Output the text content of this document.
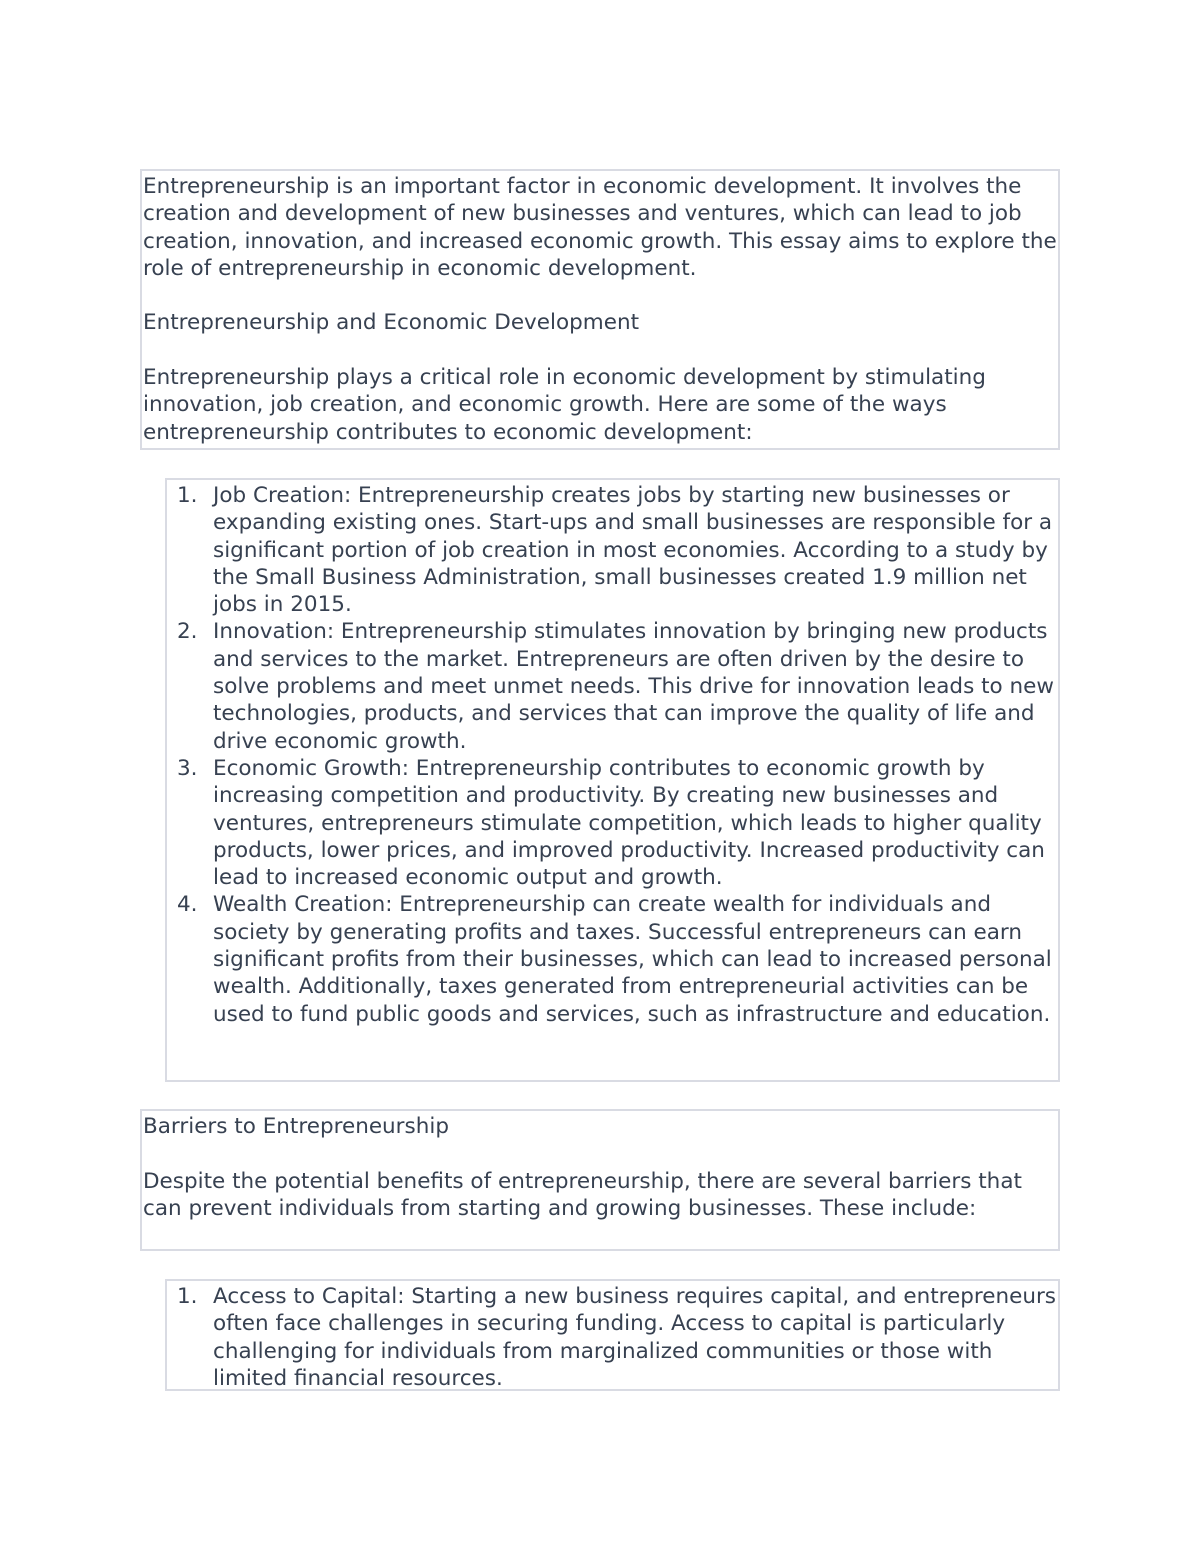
Entrepreneurship is an important factor in economic development. It involves the creation and development of new businesses and ventures, which can lead to job creation, innovation, and increased economic growth. This essay aims to explore the role of entrepreneurship in economic development.

Entrepreneurship and Economic Development

Entrepreneurship plays a critical role in economic development by stimulating innovation, job creation, and economic growth. Here are some of the ways entrepreneurship contributes to economic development:

1. Job Creation: Entrepreneurship creates jobs by starting new businesses or expanding existing ones. Start-ups and small businesses are responsible for a significant portion of job creation in most economies. According to a study by the Small Business Administration, small businesses created 1.9 million net jobs in 2015.
2. Innovation: Entrepreneurship stimulates innovation by bringing new products and services to the market. Entrepreneurs are often driven by the desire to solve problems and meet unmet needs. This drive for innovation leads to new technologies, products, and services that can improve the quality of life and drive economic growth.
3. Economic Growth: Entrepreneurship contributes to economic growth by increasing competition and productivity. By creating new businesses and ventures, entrepreneurs stimulate competition, which leads to higher quality products, lower prices, and improved productivity. Increased productivity can lead to increased economic output and growth.
4. Wealth Creation: Entrepreneurship can create wealth for individuals and society by generating profits and taxes. Successful entrepreneurs can earn significant profits from their businesses, which can lead to increased personal wealth. Additionally, taxes generated from entrepreneurial activities can be used to fund public goods and services, such as infrastructure and education.

Barriers to Entrepreneurship

Despite the potential benefits of entrepreneurship, there are several barriers that can prevent individuals from starting and growing businesses. These include:

1. Access to Capital: Starting a new business requires capital, and entrepreneurs often face challenges in securing funding. Access to capital is particularly challenging for individuals from marginalized communities or those with limited financial resources.
